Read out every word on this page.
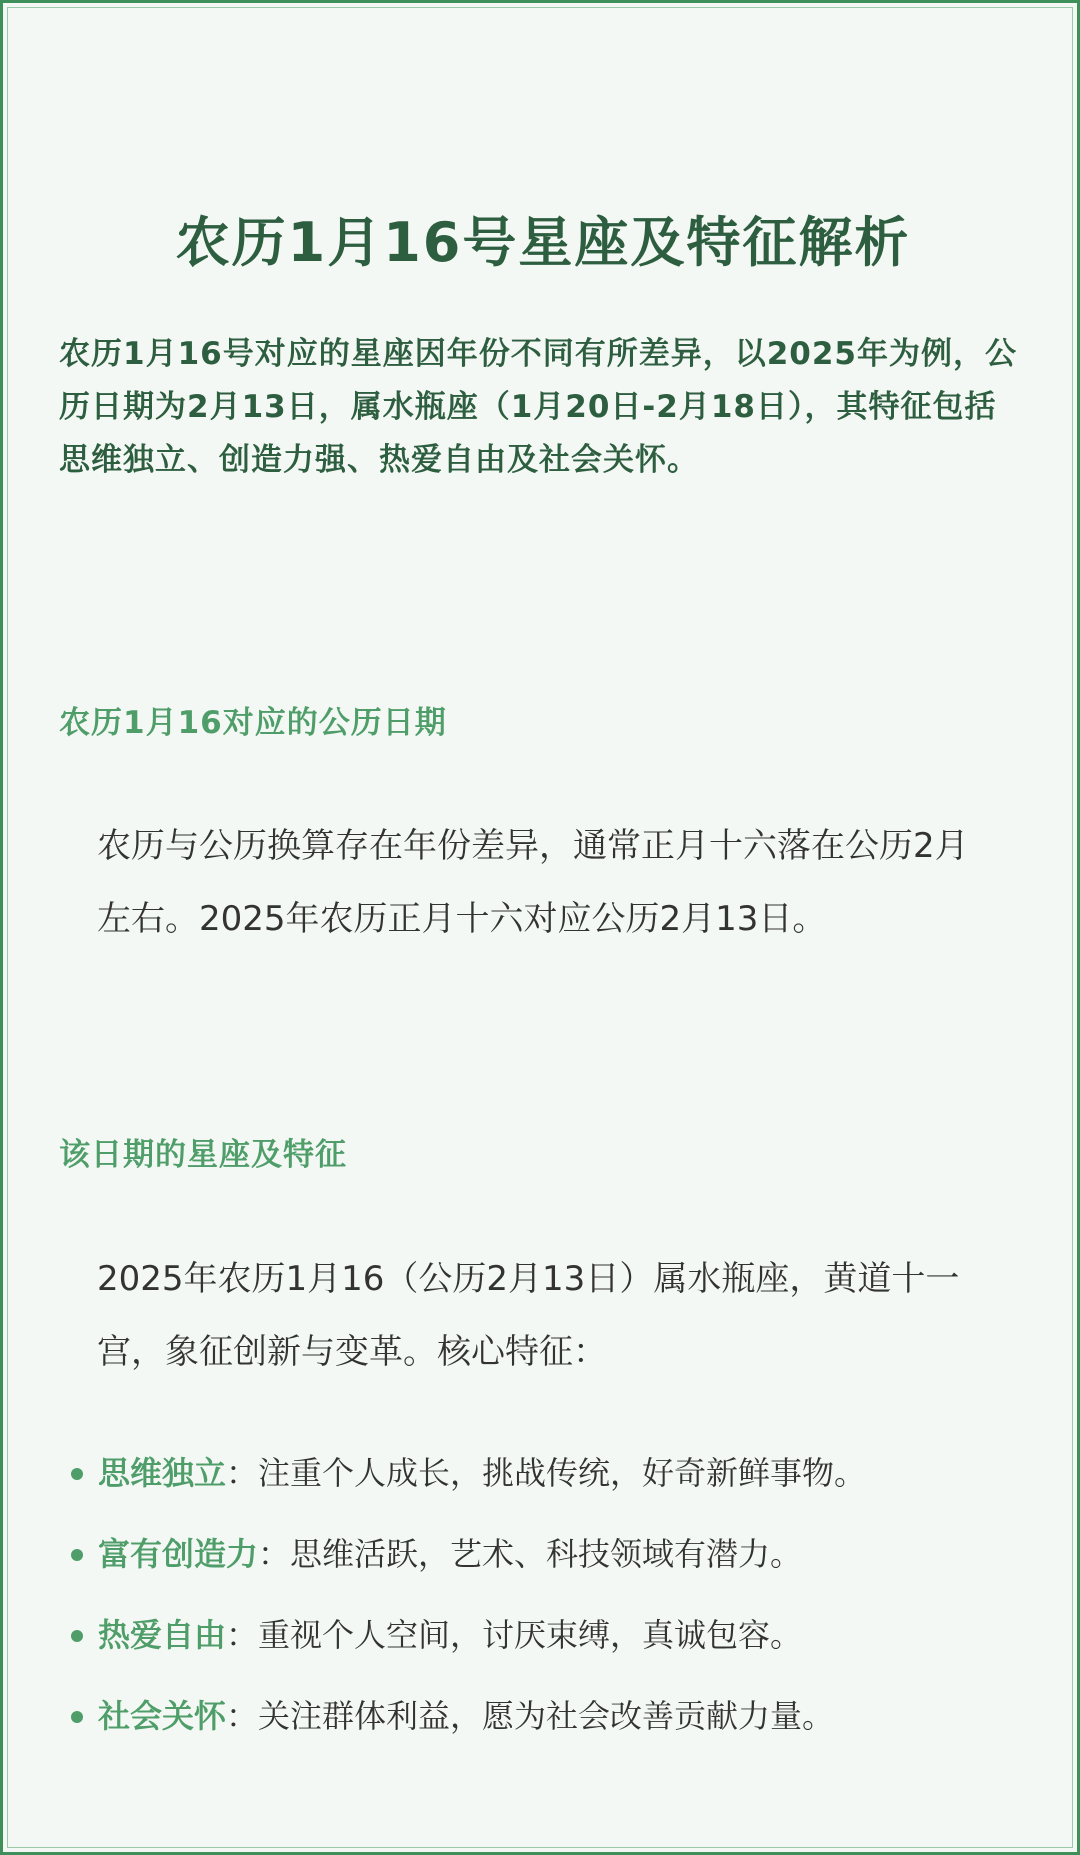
农历1月16号星座及特征解析
农历1月16号对应的星座因年份不同有所差异，以2025年为例，公历日期为2月13日，属水瓶座（1月20日-2月18日），其特征包括思维独立、创造力强、热爱自由及社会关怀。
农历1月16对应的公历日期
农历与公历换算存在年份差异，通常正月十六落在公历2月左右。2025年农历正月十六对应公历2月13日。
该日期的星座及特征
2025年农历1月16（公历2月13日）属水瓶座，黄道十一宫，象征创新与变革。核心特征：
思维独立：注重个人成长，挑战传统，好奇新鲜事物。
富有创造力：思维活跃，艺术、科技领域有潜力。
热爱自由：重视个人空间，讨厌束缚，真诚包容。
社会关怀：关注群体利益，愿为社会改善贡献力量。
